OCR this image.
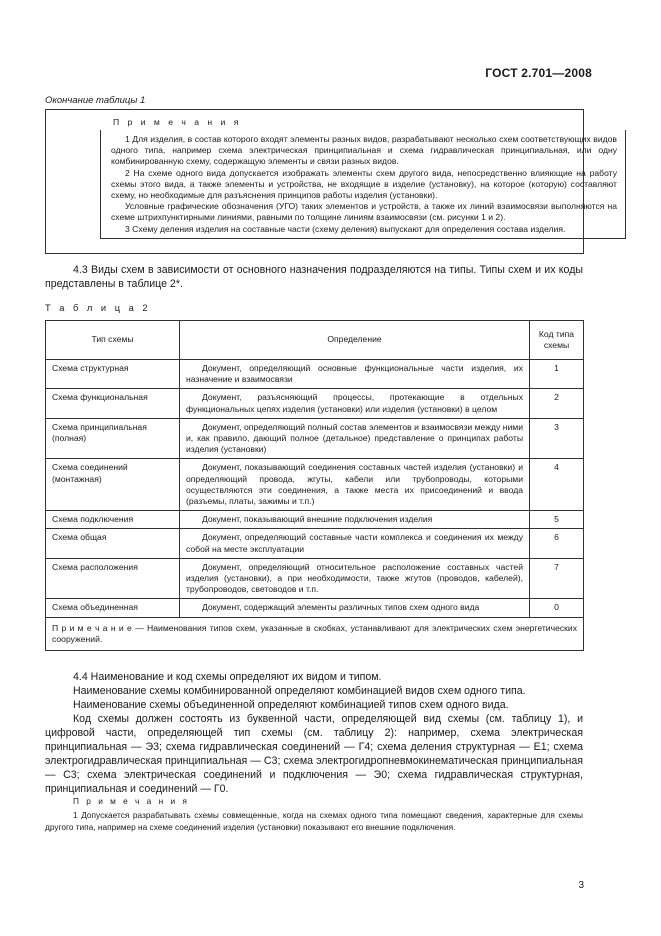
ГОСТ 2.701—2008
Окончание таблицы 1
П р и м е ч а н и я

1 Для изделия, в состав которого входят элементы разных видов, разрабатывают несколько схем соответствующих видов одного типа, например схема электрическая принципиальная и схема гидравлическая принципиальная, или одну комбинированную схему, содержащую элементы и связи разных видов.

2 На схеме одного вида допускается изображать элементы схем другого вида, непосредственно влияющие на работу схемы этого вида, а также элементы и устройства, не входящие в изделие (установку), на которое (которую) составляют схему, но необходимые для разъяснения принципов работы изделия (установки).

Условные графические обозначения (УГО) таких элементов и устройств, а также их линий взаимосвязи выполняются на схеме штрихпунктирными линиями, равными по толщине линиям взаимосвязи (см. рисунки 1 и 2).

3 Схему деления изделия на составные части (схему деления) выпускают для определения состава изделия.

4.3 Виды схем в зависимости от основного назначения подразделяются на типы. Типы схем и их коды представлены в таблице 2*.

Т а б л и ц а 2
Тип схемы	Определение	Код типа схемы
Схема структурная	Документ, определяющий основные функциональные части изделия, их назначение и взаимосвязи	1
Схема функциональная	Документ, разъясняющий процессы, протекающие в отдельных функциональных цепях изделия (установки) или изделия (установки) в целом	2
Схема принципиальная (полная)	Документ, определяющий полный состав элементов и взаимосвязи между ними и, как правило, дающий полное (детальное) представление о принципах работы изделия (установки)	3
Схема соединений (монтажная)	Документ, показывающий соединения составных частей изделия (установки) и определяющий провода, жгуты, кабели или трубопроводы, которыми осуществляются эти соединения, а также места их присоединений и ввода (разъемы, платы, зажимы и т.п.)	4
Схема подключения	Документ, показывающий внешние подключения изделия	5
Схема общая	Документ, определяющий составные части комплекса и соединения их между собой на месте эксплуатации	6
Схема расположения	Документ, определяющий относительное расположение составных частей изделия (установки), а при необходимости, также жгутов (проводов, кабелей), трубопроводов, световодов и т.п.	7
Схема объединенная	Документ, содержащий элементы различных типов схем одного вида	0
П р и м е ч а н и е — Наименования типов схем, указанные в скобках, устанавливают для электрических схем энергетических сооружений.		

4.4 Наименование и код схемы определяют их видом и типом.

Наименование схемы комбинированной определяют комбинацией видов схем одного типа.

Наименование схемы объединенной определяют комбинацией типов схем одного вида.

Код схемы должен состоять из буквенной части, определяющей вид схемы (см. таблицу 1), и цифровой части, определяющей тип схемы (см. таблицу 2): например, схема электрическая принципиальная — Э3; схема гидравлическая соединений — Г4; схема деления структурная — Е1; схема электрогидравлическая принципиальная — С3; схема электрогидропневмокинематическая принципиальная — С3; схема электрическая соединений и подключения — Э0; схема гидравлическая структурная, принципиальная и соединений — Г0.

П р и м е ч а н и я

1 Допускается разрабатывать схемы совмещенные, когда на схемах одного типа помещают сведения, характерные для схемы другого типа, например на схеме соединений изделия (установки) показывают его внешние подключения.

3
